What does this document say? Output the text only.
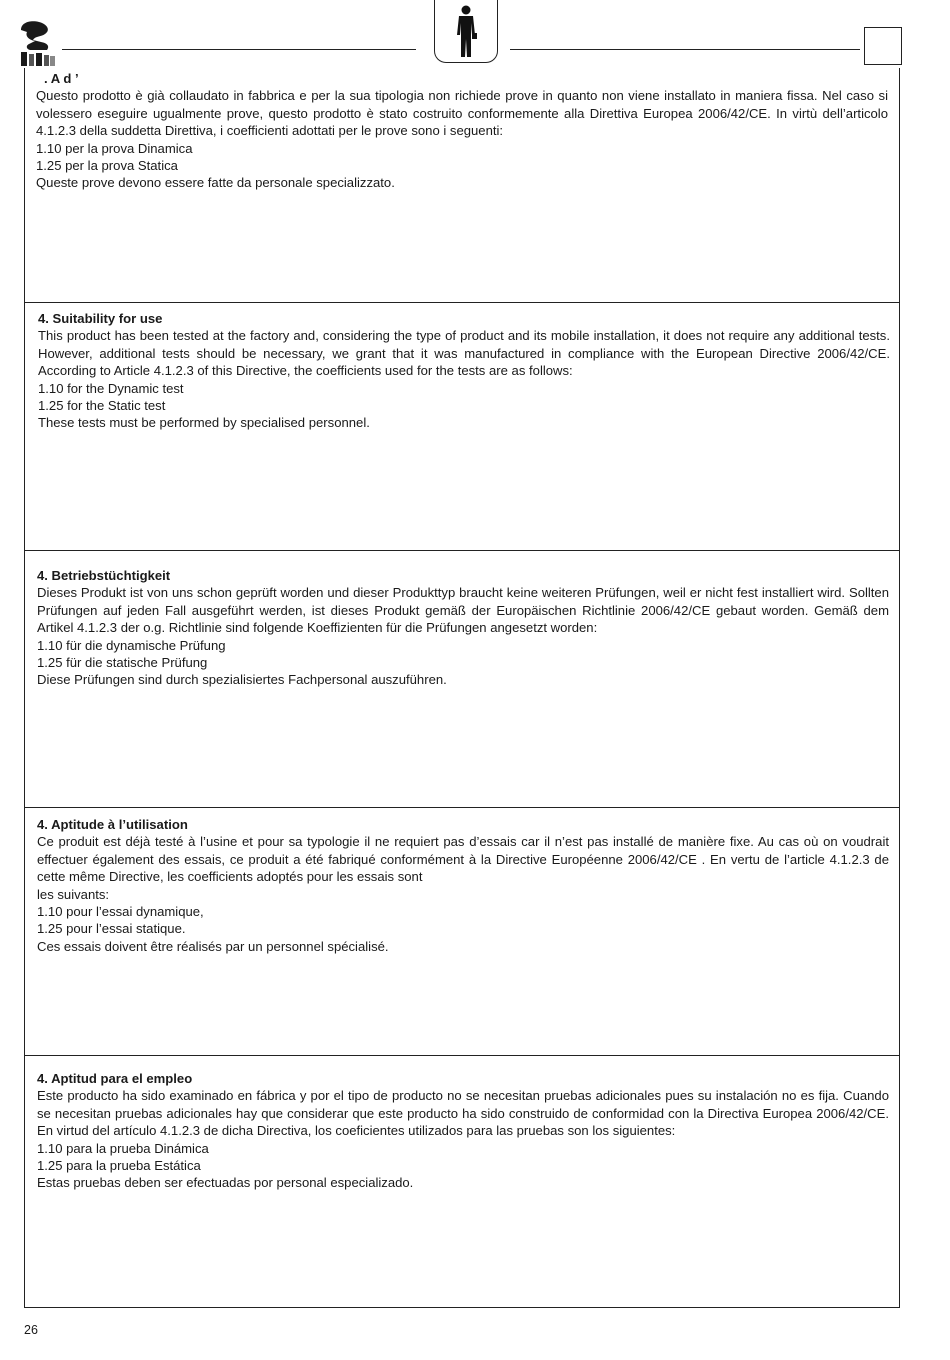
. A d ’
Questo prodotto è già collaudato in fabbrica e per la sua tipologia non richiede prove in quanto non viene installato in maniera fissa. Nel caso si volessero eseguire ugualmente prove, questo prodotto è stato costruito conformemente alla Direttiva Europea 2006/42/CE. In virtù dell’articolo 4.1.2.3 della suddetta Direttiva, i coefficienti adottati per le prove sono i seguenti:
1.10 per la prova Dinamica
1.25 per la prova Statica
Queste prove devono essere fatte da personale specializzato.
4. Suitability for use
This product has been tested at the factory and, considering the type of product and its mobile installation, it does not require any additional tests. However, additional tests should be necessary, we grant that it was manufactured in compliance with the European Directive 2006/42/CE. According to Article 4.1.2.3 of this Directive, the coefficients used for the tests are as follows:
1.10 for the Dynamic test
1.25 for the Static test
These tests must be performed by specialised personnel.
4. Betriebstüchtigkeit
Dieses Produkt ist von uns schon geprüft worden und dieser Produkttyp braucht keine weiteren Prüfungen, weil er nicht fest installiert wird. Sollten Prüfungen auf jeden Fall ausgeführt werden, ist dieses Produkt gemäß der Europäischen Richtlinie 2006/42/CE gebaut worden. Gemäß dem Artikel 4.1.2.3 der o.g. Richtlinie sind folgende Koeffizienten für die Prüfungen angesetzt worden:
1.10 für die dynamische Prüfung
1.25 für die statische Prüfung
Diese Prüfungen sind durch spezialisiertes Fachpersonal auszuführen.
4. Aptitude à l’utilisation
Ce produit est déjà testé à l’usine et pour sa typologie il ne requiert pas d’essais car il n’est pas installé de manière fixe. Au cas où on voudrait effectuer également des essais, ce produit a été fabriqué conformément à la Directive Européenne 2006/42/CE . En vertu de l’article 4.1.2.3 de cette même Directive, les coefficients adoptés pour les essais sont
les suivants:
1.10 pour l’essai dynamique,
1.25 pour l’essai statique.
Ces essais doivent être réalisés par un personnel spécialisé.
4. Aptitud para el empleo
Este producto ha sido examinado en fábrica y por el tipo de producto no se necesitan pruebas adicionales pues su instalación no es fija. Cuando se necesitan pruebas adicionales hay que considerar que este producto ha sido construido de conformidad con la Directiva Europea 2006/42/CE. En virtud del artículo 4.1.2.3 de dicha Directiva, los coeficientes utilizados para las pruebas son los siguientes:
1.10 para la prueba Dinámica
1.25 para la prueba Estática
Estas pruebas deben ser efectuadas por personal especializado.
26
